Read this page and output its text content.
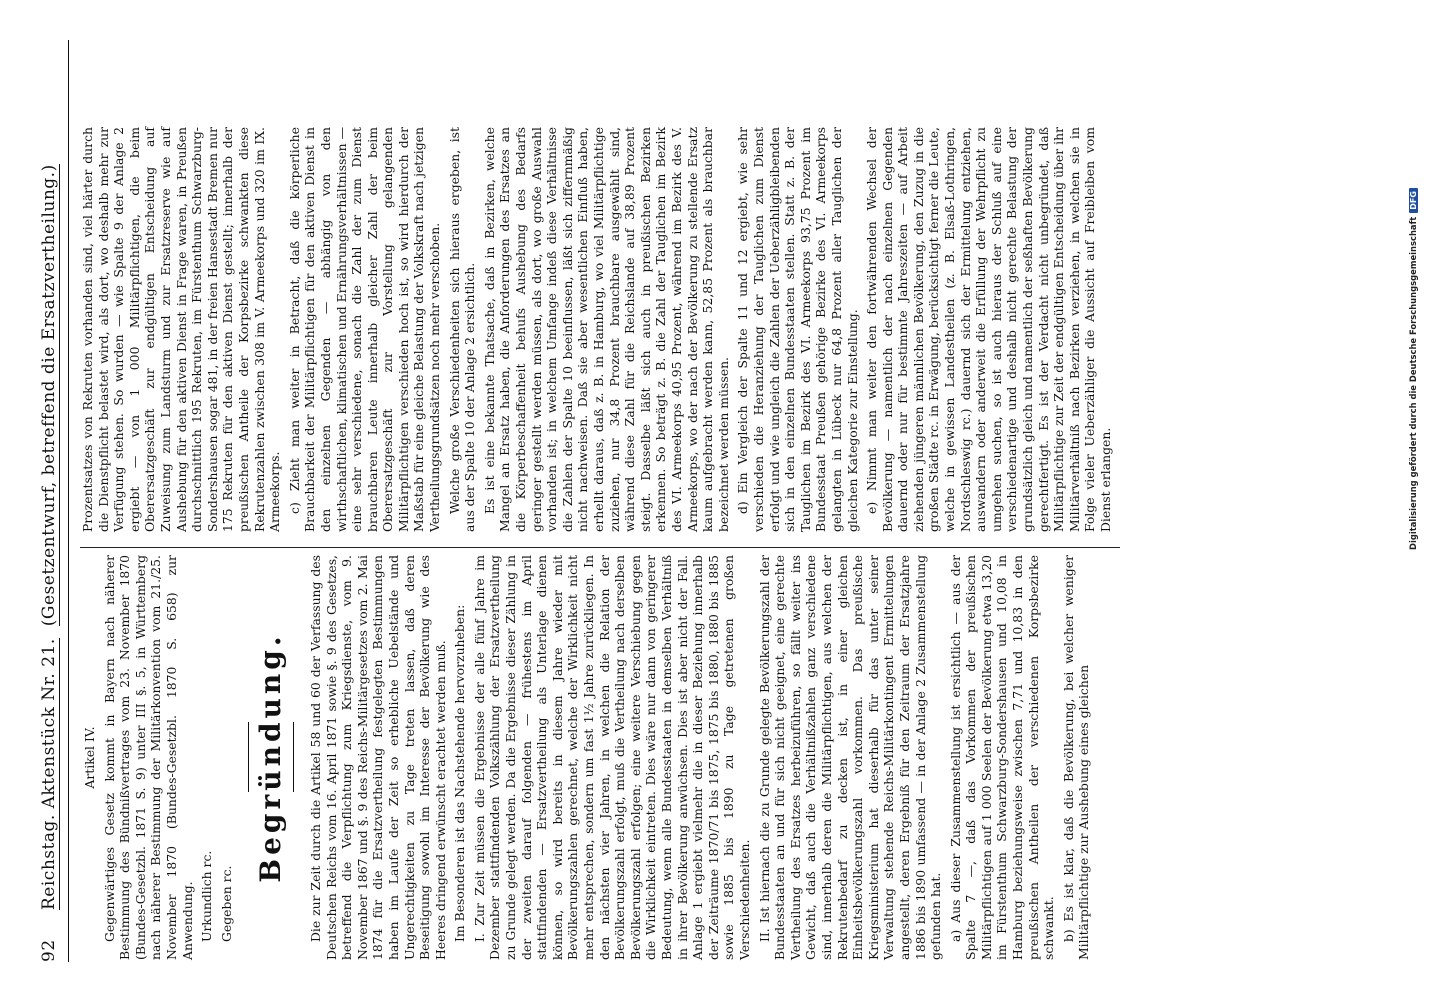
92
Reichstag. Aktenstück Nr. 21.
(Gesetzentwurf, betreffend die Ersatzvertheilung.)

Artikel IV. Gegenwärtiges Gesetz kommt in Bayern nach näherer Bestimmung des Bündnißvertrages vom 23. November 1870 (Bundes-Gesetzbl. 1871 S. 9) unter III §. 5, in Württemberg nach näherer Bestimmung der Militärkonvention vom 21./25. November 1870 (Bundes-Gesetzbl. 1870 S. 658) zur Anwendung. Urkundlich rc. Gegeben rc.

Begründung. Die zur Zeit durch die Artikel 58 und 60 der Verfassung des Deutschen Reichs vom 16. April 1871 sowie §. 9 des Gesetzes, betreffend die Verpflichtung zum Kriegsdienste, vom 9. November 1867 und §. 9 des Reichs-Militärgesetzes vom 2. Mai 1874 für die Ersatzvertheilung festgelegten Bestimmungen haben im Laufe der Zeit so erhebliche Uebelstände und Ungerechtigkeiten zu Tage treten lassen, daß deren Beseitigung sowohl im Interesse der Bevölkerung wie des Heeres dringend erwünscht erachtet werden muß. Im Besonderen ist das Nachstehende hervorzuheben: I. Zur Zeit müssen die Ergebnisse der alle fünf Jahre im Dezember stattfindenden Volkszählung der Ersatzvertheilung zu Grunde gelegt werden. Da die Ergebnisse dieser Zählung in der zweiten darauf folgenden — frühestens im April stattfindenden — Ersatzvertheilung als Unterlage dienen können, so wird bereits in diesem Jahre wieder mit Bevölkerungszahlen gerechnet, welche der Wirklichkeit nicht mehr entsprechen, sondern um fast 1½ Jahre zurückliegen. In den nächsten vier Jahren, in welchen die Relation der Bevölkerungszahl erfolgt, muß die Vertheilung nach derselben Bevölkerungszahl erfolgen; eine weitere Verschiebung gegen die Wirklichkeit eintreten. Dies wäre nur dann von geringerer Bedeutung, wenn alle Bundesstaaten in demselben Verhältniß in ihrer Bevölkerung anwüchsen. Dies ist aber nicht der Fall. Anlage 1 ergiebt vielmehr die in dieser Beziehung innerhalb der Zeiträume 1870/71 bis 1875, 1875 bis 1880, 1880 bis 1885 sowie 1885 bis 1890 zu Tage getretenen großen Verschiedenheiten. II. Ist hiernach die zu Grunde gelegte Bevölkerungszahl der Bundesstaaten an und für sich nicht geeignet, eine gerechte Vertheilung des Ersatzes herbeizuführen, so fällt weiter ins Gewicht, daß auch die Verhältnißzahlen ganz verschiedene sind, innerhalb deren die Militärpflichtigen, aus welchen der Rekrutenbedarf zu decken ist, in einer gleichen Einheitsbevölkerungszahl vorkommen. Das preußische Kriegsministerium hat dieserhalb für das unter seiner Verwaltung stehende Reichs-Militärkontingent Ermittelungen angestellt, deren Ergebniß für den Zeitraum der Ersatzjahre 1886 bis 1890 umfassend — in der Anlage 2 Zusammenstellung gefunden hat. a) Aus dieser Zusammenstellung ist ersichtlich — aus der Spalte 7 —, daß das Vorkommen der preußischen Militärpflichtigen auf 1 000 Seelen der Bevölkerung etwa 13,20 im Fürstenthum Schwarzburg-Sondershausen und 10,08 in Hamburg beziehungsweise zwischen 7,71 und 10,83 in den preußischen Antheilen der verschiedenen Korpsbezirke schwankt. b) Es ist klar, daß die Bevölkerung, bei welcher weniger Militärpflichtige zur Aushebung eines gleichen

Prozentsatzes von Rekruten vorhanden sind, viel härter durch die Dienstpflicht belastet wird, als dort, wo deshalb mehr zur Verfügung stehen. So wurden — wie Spalte 9 der Anlage 2 ergiebt — von 1 000 Militärpflichtigen, die beim Oberersatzgeschäft zur endgültigen Entscheidung auf Zuweisung zum Landsturm und zur Ersatzreserve wie auf Aushebung für den aktiven Dienst in Frage waren, in Preußen durchschnittlich 195 Rekruten, im Fürstenthum Schwarzburg-Sondershausen sogar 481, in der freien Hansestadt Bremen nur 175 Rekruten für den aktiven Dienst gestellt; innerhalb der preußischen Antheile der Korpsbezirke schwankten diese Rekrutenzahlen zwischen 308 im V. Armeekorps und 320 im IX. Armeekorps. c) Zieht man weiter in Betracht, daß die körperliche Brauchbarkeit der Militärpflichtigen für den aktiven Dienst in den einzelnen Gegenden — abhängig von den wirthschaftlichen, klimatischen und Ernährungsverhältnissen — eine sehr verschiedene, sonach die Zahl der zum Dienst brauchbaren Leute innerhalb gleicher Zahl der beim Oberersatzgeschäft zur Vorstellung gelangenden Militärpflichtigen verschieden hoch ist, so wird hierdurch der Maßstab für eine gleiche Belastung der Volkskraft nach jetzigen Vertheilungsgrundsätzen noch mehr verschoben. Welche große Verschiedenheiten sich hieraus ergeben, ist aus der Spalte 10 der Anlage 2 ersichtlich. Es ist eine bekannte Thatsache, daß in Bezirken, welche Mangel an Ersatz haben, die Anforderungen des Ersatzes an die Körperbeschaffenheit behufs Aushebung des Bedarfs geringer gestellt werden müssen, als dort, wo große Auswahl vorhanden ist; in welchem Umfange indeß diese Verhältnisse die Zahlen der Spalte 10 beeinflussen, läßt sich ziffernmäßig nicht nachweisen. Daß sie aber wesentlichen Einfluß haben, erhellt daraus, daß z. B. in Hamburg, wo viel Militärpflichtige zuziehen, nur 34,8 Prozent brauchbare ausgewählt sind, während diese Zahl für die Reichslande auf 38,89 Prozent steigt. Dasselbe läßt sich auch in preußischen Bezirken erkennen. So beträgt z. B. die Zahl der Tauglichen im Bezirk des VI. Armeekorps 40,95 Prozent, während im Bezirk des V. Armeekorps, wo der nach der Bevölkerung zu stellende Ersatz kaum aufgebracht werden kann, 52,85 Prozent als brauchbar bezeichnet werden müssen. d) Ein Vergleich der Spalte 11 und 12 ergiebt, wie sehr verschieden die Heranziehung der Tauglichen zum Dienst erfolgt und wie ungleich die Zahlen der Ueberzähligbleibenden sich in den einzelnen Bundesstaaten stellen. Statt z. B. der Tauglichen im Bezirk des VI. Armeekorps 93,75 Prozent im Bundesstaat Preußen gehörige Bezirke des VI. Armeekorps gelangten in Lübeck nur 64,8 Prozent aller Tauglichen der gleichen Kategorie zur Einstellung. e) Nimmt man weiter den fortwährenden Wechsel der Bevölkerung — namentlich der nach einzelnen Gegenden dauernd oder nur für bestimmte Jahreszeiten — auf Arbeit ziehenden jüngeren männlichen Bevölkerung, den Zuzug in die großen Städte rc. in Erwägung, berücksichtigt ferner die Leute, welche in gewissen Landestheilen (z. B. Elsaß-Lothringen, Nordschleswig rc.) dauernd sich der Ermittelung entziehen, auswandern oder anderweit die Erfüllung der Wehrpflicht zu umgehen suchen, so ist auch hieraus der Schluß auf eine verschiedenartige und deshalb nicht gerechte Belastung der grundsätzlich gleich und namentlich der seßhaften Bevölkerung gerechtfertigt. Es ist der Verdacht nicht unbegründet, daß Militärpflichtige zur Zeit der endgültigen Entscheidung über ihr Militärverhältniß nach Bezirken verziehen, in welchen sie in Folge vieler Ueberzähliger die Aussicht auf Freibleiben vom Dienst erlangen.	Digitalisierung gefördert durch die Deutsche Forschungsgemeinschaft
DFG
